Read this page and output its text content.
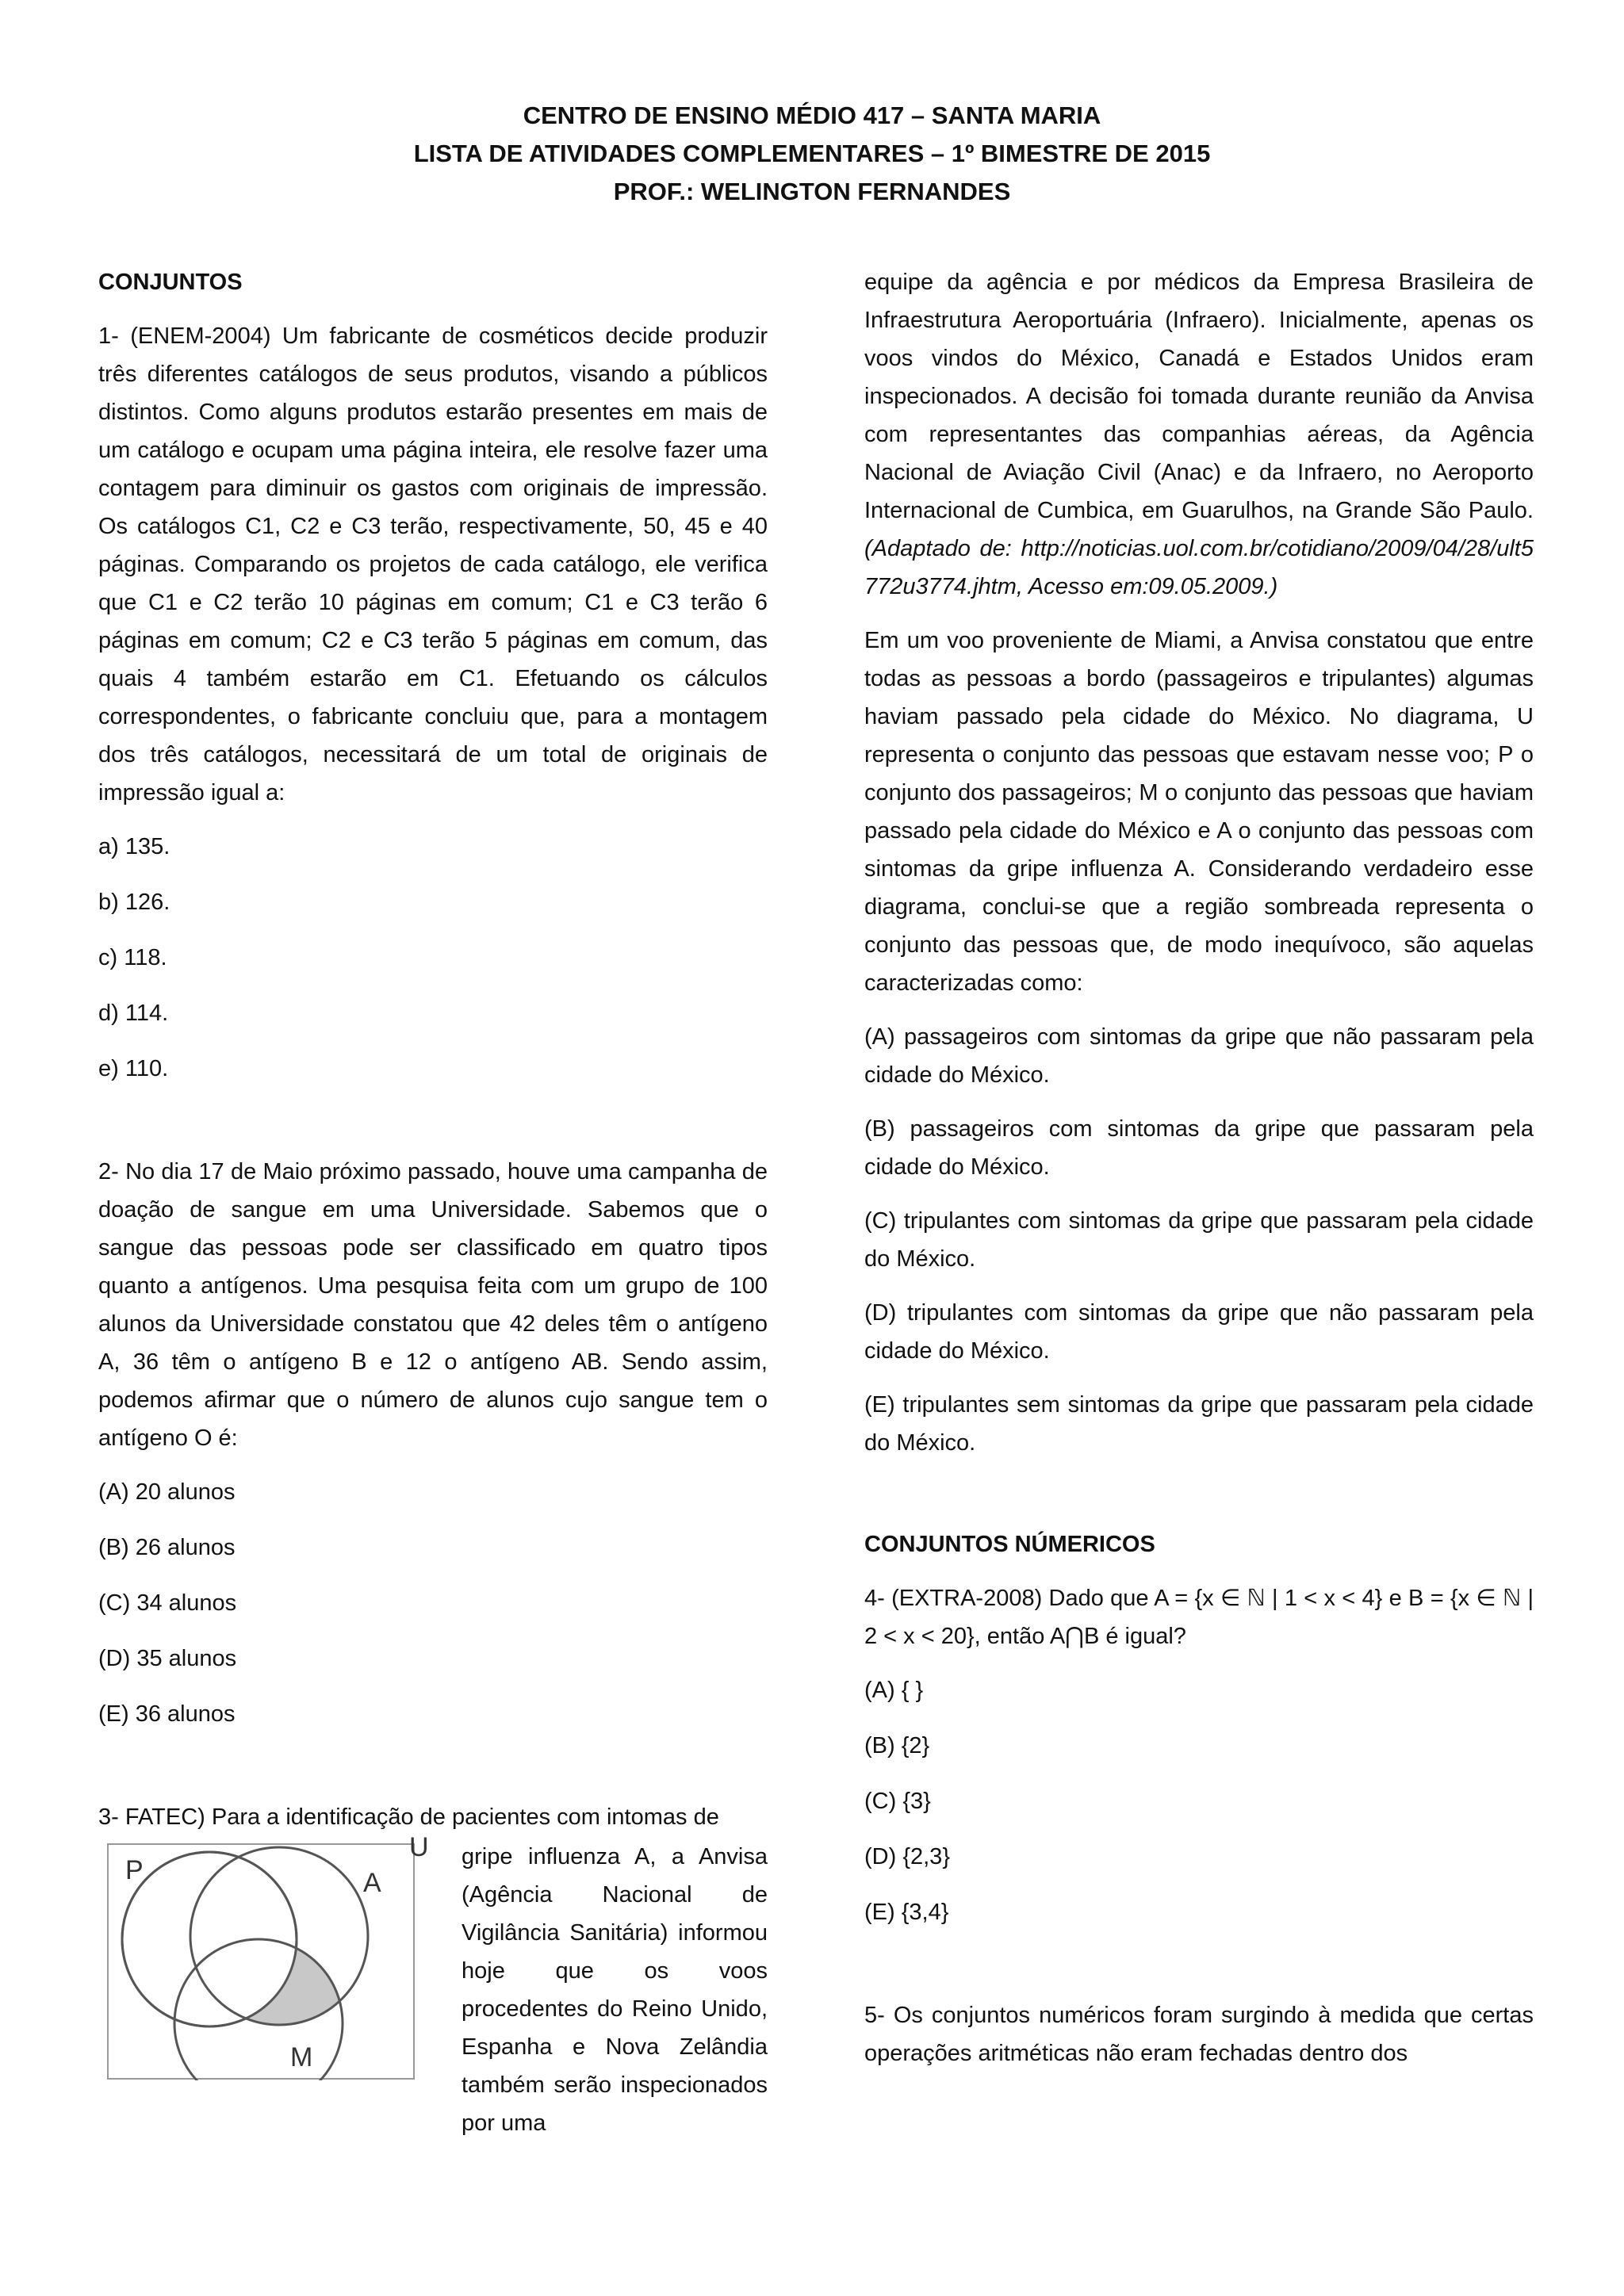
CENTRO DE ENSINO MÉDIO 417 – SANTA MARIA
LISTA DE ATIVIDADES COMPLEMENTARES – 1º BIMESTRE DE 2015
PROF.: WELINGTON FERNANDES
CONJUNTOS

1- (ENEM-2004) Um fabricante de cosméticos decide produzir três diferentes catálogos de seus produtos, visando a públicos distintos. Como alguns produtos estarão presentes em mais de um catálogo e ocupam uma página inteira, ele resolve fazer uma contagem para diminuir os gastos com originais de impressão. Os catálogos C1, C2 e C3 terão, respectivamente, 50, 45 e 40 páginas. Comparando os projetos de cada catálogo, ele verifica que C1 e C2 terão 10 páginas em comum; C1 e C3 terão 6 páginas em comum; C2 e C3 terão 5 páginas em comum, das quais 4 também estarão em C1. Efetuando os cálculos correspondentes, o fabricante concluiu que, para a montagem dos três catálogos, necessitará de um total de originais de impressão igual a:

a) 135.
b) 126.
c) 118.
d) 114.
e) 110.

2- No dia 17 de Maio próximo passado, houve uma campanha de doação de sangue em uma Universidade. Sabemos que o sangue das pessoas pode ser classificado em quatro tipos quanto a antígenos. Uma pesquisa feita com um grupo de 100 alunos da Universidade constatou que 42 deles têm o antígeno A, 36 têm o antígeno B e 12 o antígeno AB. Sendo assim, podemos afirmar que o número de alunos cujo sangue tem o antígeno O é:

(A) 20 alunos
(B) 26 alunos
(C) 34 alunos
(D) 35 alunos
(E) 36 alunos
3- FATEC) Para a identificação de pacientes com intomas de
P	A
M
U gripe influenza A, a Anvisa (Agência Nacional de Vigilância Sanitária) informou hoje que os voos procedentes do Reino Unido, Espanha e Nova Zelândia também serão inspecionados por uma

equipe da agência e por médicos da Empresa Brasileira de Infraestrutura Aeroportuária (Infraero). Inicialmente, apenas os voos vindos do México, Canadá e Estados Unidos eram inspecionados. A decisão foi tomada durante reunião da Anvisa com representantes das companhias aéreas, da Agência Nacional de Aviação Civil (Anac) e da Infraero, no Aeroporto Internacional de Cumbica, em Guarulhos, na Grande São Paulo. (Adaptado de: http://noticias.uol.com.br/cotidiano/2009/04/28/ult5772u3774.jhtm, Acesso em:09.05.2009.)

Em um voo proveniente de Miami, a Anvisa constatou que entre todas as pessoas a bordo (passageiros e tripulantes) algumas haviam passado pela cidade do México. No diagrama, U representa o conjunto das pessoas que estavam nesse voo; P o conjunto dos passageiros; M o conjunto das pessoas que haviam passado pela cidade do México e A o conjunto das pessoas com sintomas da gripe influenza A. Considerando verdadeiro esse diagrama, conclui-se que a região sombreada representa o conjunto das pessoas que, de modo inequívoco, são aquelas caracterizadas como:

(A) passageiros com sintomas da gripe que não passaram pela cidade do México.

(B) passageiros com sintomas da gripe que passaram pela cidade do México.

(C) tripulantes com sintomas da gripe que passaram pela cidade do México.

(D) tripulantes com sintomas da gripe que não passaram pela cidade do México.

(E) tripulantes sem sintomas da gripe que passaram pela cidade do México.

CONJUNTOS NÚMERICOS

4- (EXTRA-2008) Dado que A = {x ∈ ℕ | 1 < x < 4} e B = {x ∈ ℕ | 2 < x < 20}, então A⋂B é igual?

(A) { }
(B) {2}
(C) {3}
(D) {2,3}
(E) {3,4}

5- Os conjuntos numéricos foram surgindo à medida que certas operações aritméticas não eram fechadas dentro dos
